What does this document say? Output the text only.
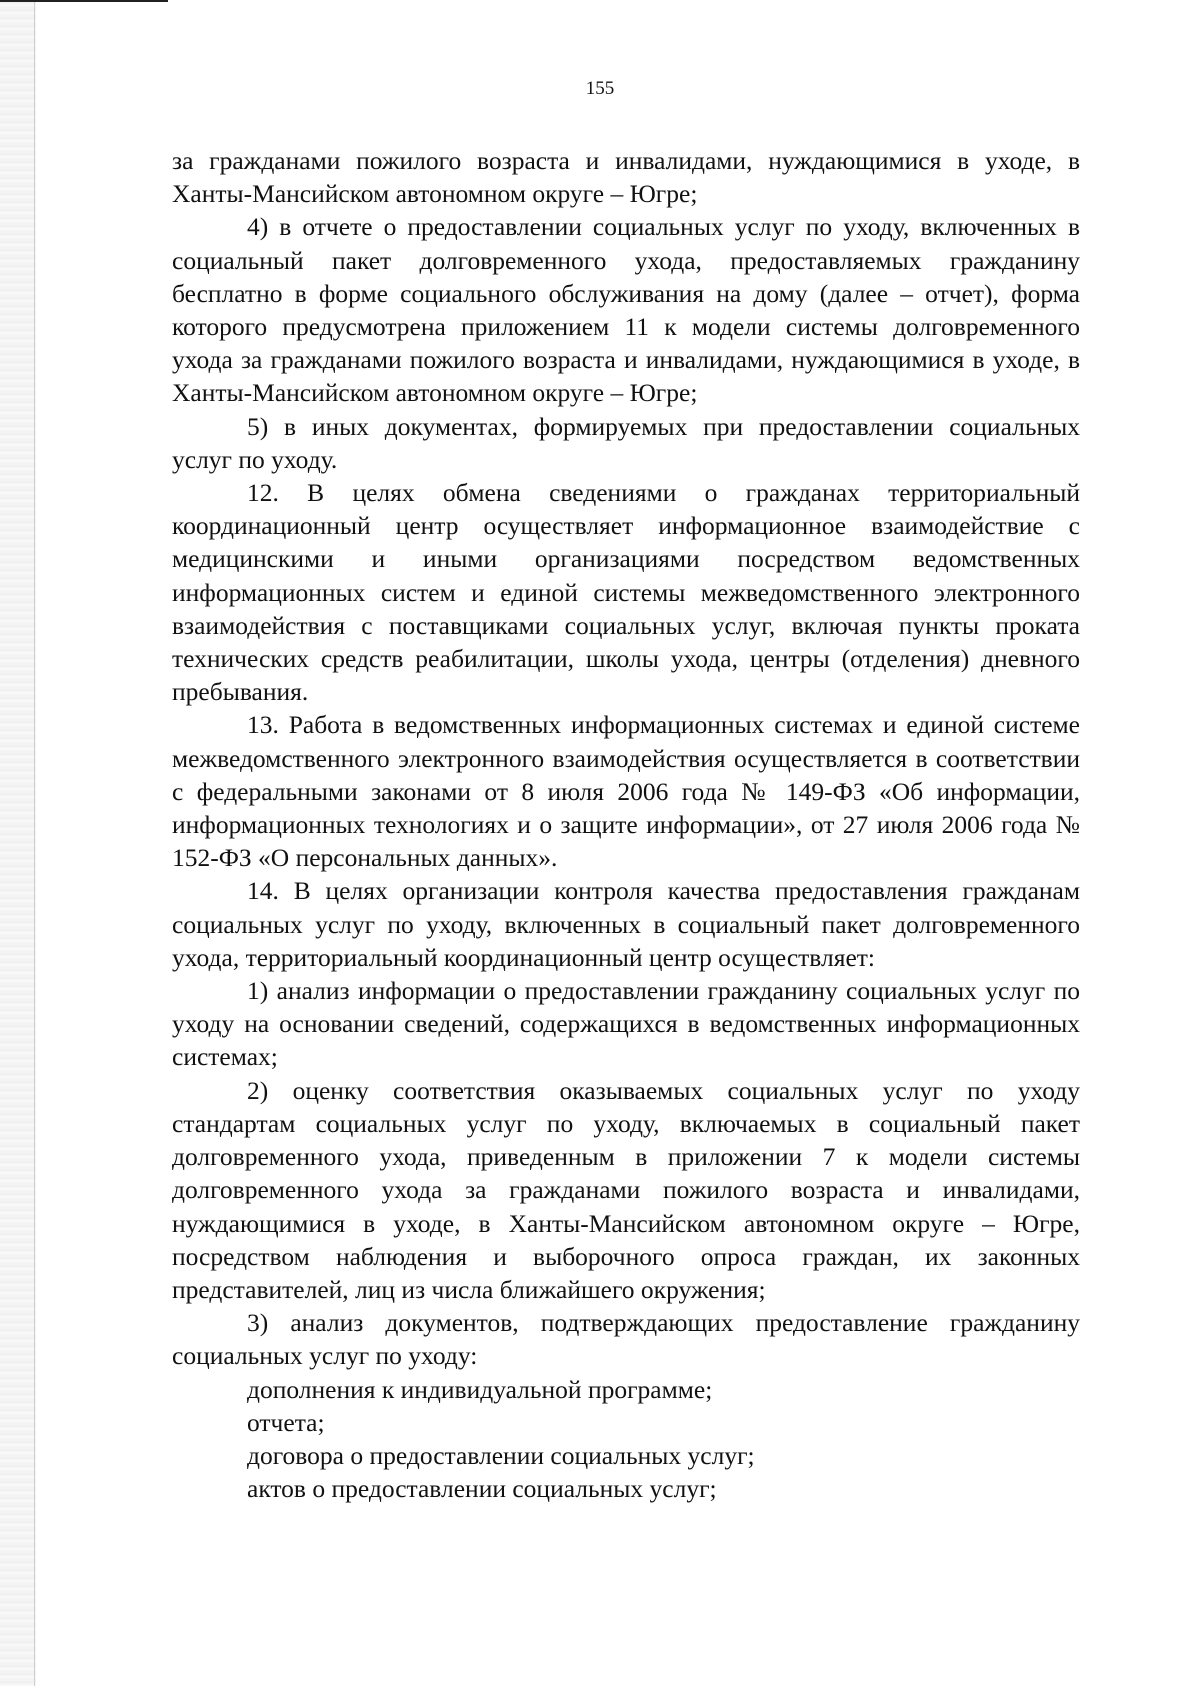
155

за гражданами пожилого возраста и инвалидами, нуждающимися в уходе, в Ханты-Мансийском автономном округе – Югре;

4) в отчете о предоставлении социальных услуг по уходу, включенных в социальный пакет долговременного ухода, предоставляемых гражданину бесплатно в форме социального обслуживания на дому (далее – отчет), форма которого предусмотрена приложением 11 к модели системы долговременного ухода за гражданами пожилого возраста и инвалидами, нуждающимися в уходе, в Ханты-Мансийском автономном округе – Югре;

5) в иных документах, формируемых при предоставлении социальных услуг по уходу.

12. В целях обмена сведениями о гражданах территориальный координационный центр осуществляет информационное взаимодействие с медицинскими и иными организациями посредством ведомственных информационных систем и единой системы межведомственного электронного взаимодействия с поставщиками социальных услуг, включая пункты проката технических средств реабилитации, школы ухода, центры (отделения) дневного пребывания.

13. Работа в ведомственных информационных системах и единой системе межведомственного электронного взаимодействия осуществляется в соответствии с федеральными законами от 8 июля 2006 года № 149-ФЗ «Об информации, информационных технологиях и о защите информации», от 27 июля 2006 года № 152-ФЗ «О персональных данных».

14. В целях организации контроля качества предоставления гражданам социальных услуг по уходу, включенных в социальный пакет долговременного ухода, территориальный координационный центр осуществляет:

1) анализ информации о предоставлении гражданину социальных услуг по уходу на основании сведений, содержащихся в ведомственных информационных системах;

2) оценку соответствия оказываемых социальных услуг по уходу стандартам социальных услуг по уходу, включаемых в социальный пакет долговременного ухода, приведенным в приложении 7 к модели системы долговременного ухода за гражданами пожилого возраста и инвалидами, нуждающимися в уходе, в Ханты-Мансийском автономном округе – Югре, посредством наблюдения и выборочного опроса граждан, их законных представителей, лиц из числа ближайшего окружения;

3) анализ документов, подтверждающих предоставление гражданину социальных услуг по уходу:

дополнения к индивидуальной программе;

отчета;

договора о предоставлении социальных услуг;

актов о предоставлении социальных услуг;
